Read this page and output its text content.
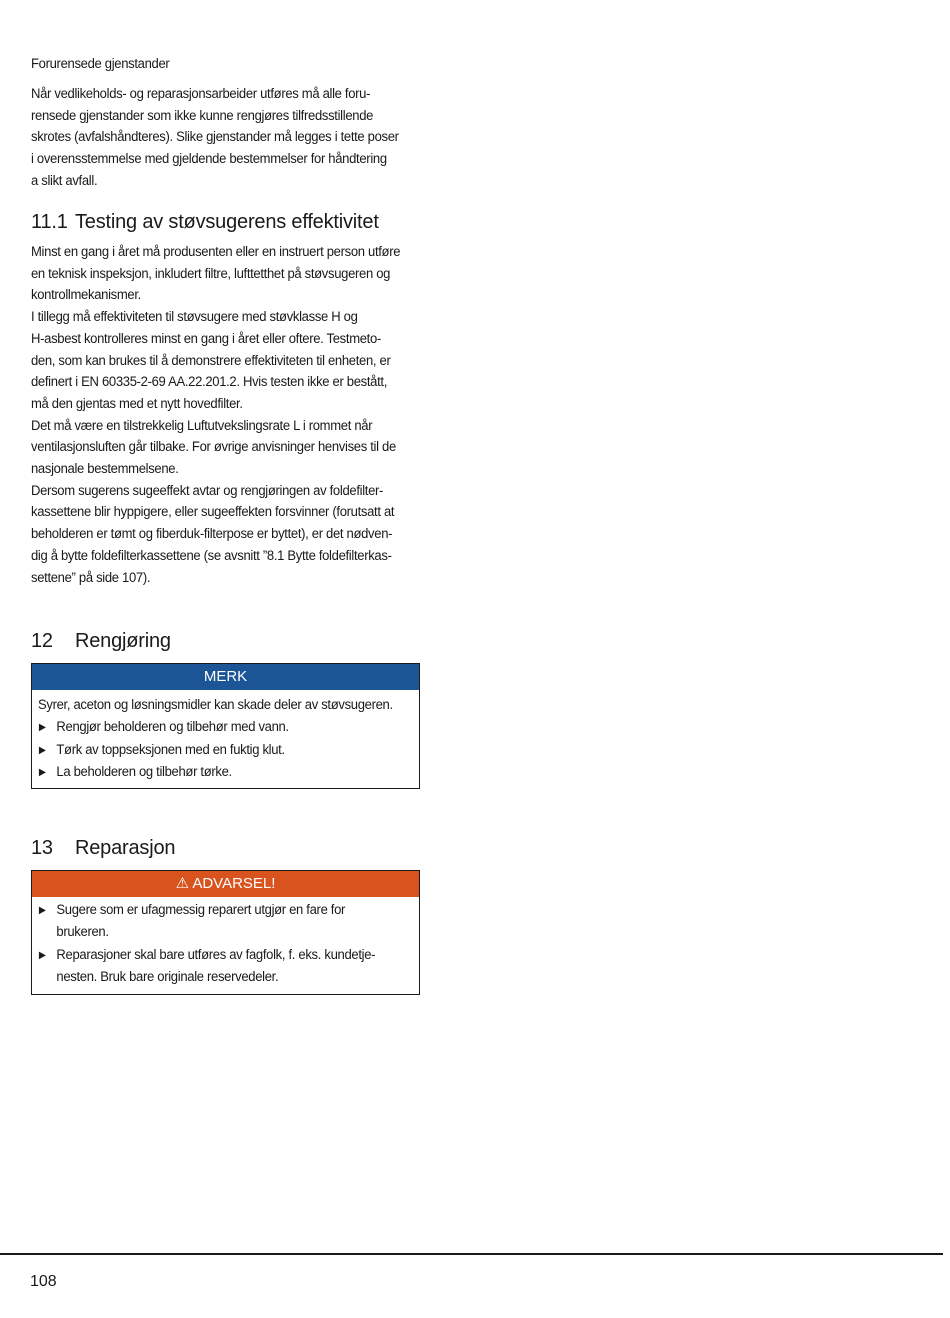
Forurensede gjenstander

Når vedlikeholds- og reparasjonsarbeider utføres må alle foru-

rensede gjenstander som ikke kunne rengjøres tilfredsstillende

skrotes (avfalshåndteres). Slike gjenstander må legges i tette poser

i overensstemmelse med gjeldende bestemmelser for håndtering

a slikt avfall.

11.1 Testing av støvsugerens effektivitet

Minst en gang i året må produsenten eller en instruert person utføre

en teknisk inspeksjon, inkludert filtre, lufttetthet på støvsugeren og

kontrollmekanismer.

I tillegg må effektiviteten til støvsugere med støvklasse H og

H-asbest kontrolleres minst en gang i året eller oftere. Testmeto-

den, som kan brukes til å demonstrere effektiviteten til enheten, er

definert i EN 60335-2-69 AA.22.201.2. Hvis testen ikke er bestått,

må den gjentas med et nytt hovedfilter.

Det må være en tilstrekkelig Luftutvekslingsrate L i rommet når

ventilasjonsluften går tilbake. For øvrige anvisninger henvises til de

nasjonale bestemmelsene.

Dersom sugerens sugeeffekt avtar og rengjøringen av foldefilter-

kassettene blir hyppigere, eller sugeeffekten forsvinner (forutsatt at

beholderen er tømt og fiberduk-filterpose er byttet), er det nødven-

dig å bytte foldefilterkassettene (se avsnitt ”8.1 Bytte foldefilterkas-

settene” på side 107).

12 Rengjøring
MERK
Syrer, aceton og løsningsmidler kan skade deler av støvsugeren.
▶ Rengjør beholderen og tilbehør med vann.
▶ Tørk av toppseksjonen med en fuktig klut.
▶ La beholderen og tilbehør tørke.
13 Reparasjon
⚠ ADVARSEL!
▶ Sugere som er ufagmessig reparert utgjør en fare for
brukeren.
▶ Reparasjoner skal bare utføres av fagfolk, f. eks. kundetje-
nesten. Bruk bare originale reservedeler.
108
